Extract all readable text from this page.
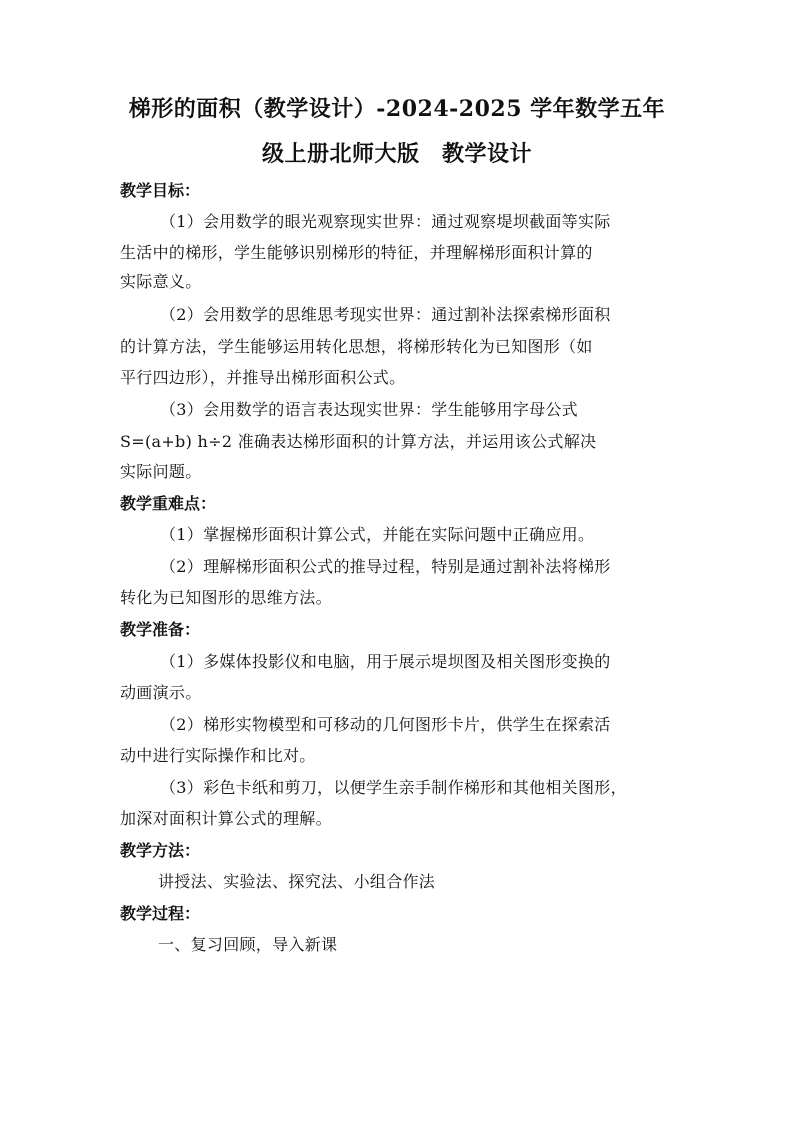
梯形的面积（教学设计）-2024-2025 学年数学五年
级上册北师大版　教学设计
教学目标：
（1）会用数学的眼光观察现实世界：通过观察堤坝截面等实际
生活中的梯形，学生能够识别梯形的特征，并理解梯形面积计算的
实际意义。
（2）会用数学的思维思考现实世界：通过割补法探索梯形面积
的计算方法，学生能够运用转化思想，将梯形转化为已知图形（如
平行四边形），并推导出梯形面积公式。
（3）会用数学的语言表达现实世界：学生能够用字母公式
S=(a+b) h÷2 准确表达梯形面积的计算方法，并运用该公式解决
实际问题。
教学重难点：
（1）掌握梯形面积计算公式，并能在实际问题中正确应用。
（2）理解梯形面积公式的推导过程，特别是通过割补法将梯形
转化为已知图形的思维方法。
教学准备：
（1）多媒体投影仪和电脑，用于展示堤坝图及相关图形变换的
动画演示。
（2）梯形实物模型和可移动的几何图形卡片，供学生在探索活
动中进行实际操作和比对。
（3）彩色卡纸和剪刀，以便学生亲手制作梯形和其他相关图形，
加深对面积计算公式的理解。
教学方法：
讲授法、实验法、探究法、小组合作法
教学过程：
一、复习回顾，导入新课
